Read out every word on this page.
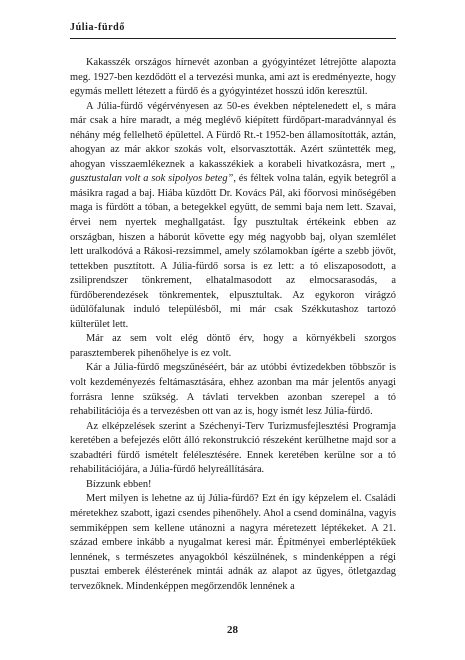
Júlia-fürdő

Kakasszék országos hírnevét azonban a gyógyintézet létrejötte alapozta meg. 1927-ben kezdődött el a tervezési munka, ami azt is eredményezte, hogy egymás mellett létezett a fürdő és a gyógyintézet hosszú időn keresztül.

A Júlia-fürdő végérvényesen az 50-es években néptelenedett el, s mára már csak a híre maradt, a még meglévő kiépített fürdőpart-maradvánnyal és néhány még fellelhető épülettel. A Fürdő Rt.-t 1952-ben államosították, aztán, ahogyan az már akkor szokás volt, elsorvasztották. Azért szüntették meg, ahogyan visszaemlékeznek a kakasszékiek a korabeli hivatkozásra, mert „ gusztustalan volt a sok sipolyos beteg”, és féltek volna talán, egyik betegről a másikra ragad a baj. Hiába küzdött Dr. Kovács Pál, aki főorvosi minőségében maga is fürdött a tóban, a betegekkel együtt, de semmi baja nem lett. Szavai, érvei nem nyertek meghallgatást. Így pusztultak értékeink ebben az országban, hiszen a háborút követte egy még nagyobb baj, olyan szemlélet lett uralkodóvá a Rákosi-rezsimmel, amely szólamokban ígérte a szebb jövőt, tettekben pusztított. A Júlia-fürdő sorsa is ez lett: a tó eliszaposodott, a zsiliprendszer tönkrement, elhatalmasodott az elmocsarasodás, a fürdőberendezések tönkrementek, elpusztultak. Az egykoron virágzó üdülőfalunak induló településből, mi már csak Székkutashoz tartozó külterület lett.

Már az sem volt elég döntő érv, hogy a környékbeli szorgos parasztemberek pihenőhelye is ez volt.

Kár a Júlia-fürdő megszűnéséért, bár az utóbbi évtizedekben többször is volt kezdeményezés feltámasztására, ehhez azonban ma már jelentős anyagi forrásra lenne szükség. A távlati tervekben azonban szerepel a tó rehabilitációja és a tervezésben ott van az is, hogy ismét lesz Júlia-fürdő.

Az elképzelések szerint a Széchenyi-Terv Turizmusfejlesztési Programja keretében a befejezés előtt álló rekonstrukció részeként kerülhetne majd sor a szabadtéri fürdő ismételt felélesztésére. Ennek keretében kerülne sor a tó rehabilitációjára, a Júlia-fürdő helyreállítására.

Bízzunk ebben!

Mert milyen is lehetne az új Júlia-fürdő? Ezt én így képzelem el. Családi méretekhez szabott, igazi csendes pihenőhely. Ahol a csend dominálna, vagyis semmiképpen sem kellene utánozni a nagyra méretezett léptékeket. A 21. század embere inkább a nyugalmat keresi már. Építményei emberléptékűek lennének, s természetes anyagokból készülnének, s mindenképpen a régi pusztai emberek élésterének mintái adnák az alapot az ügyes, ötletgazdag tervezőknek. Mindenképpen megőrzendők lennének a

28
